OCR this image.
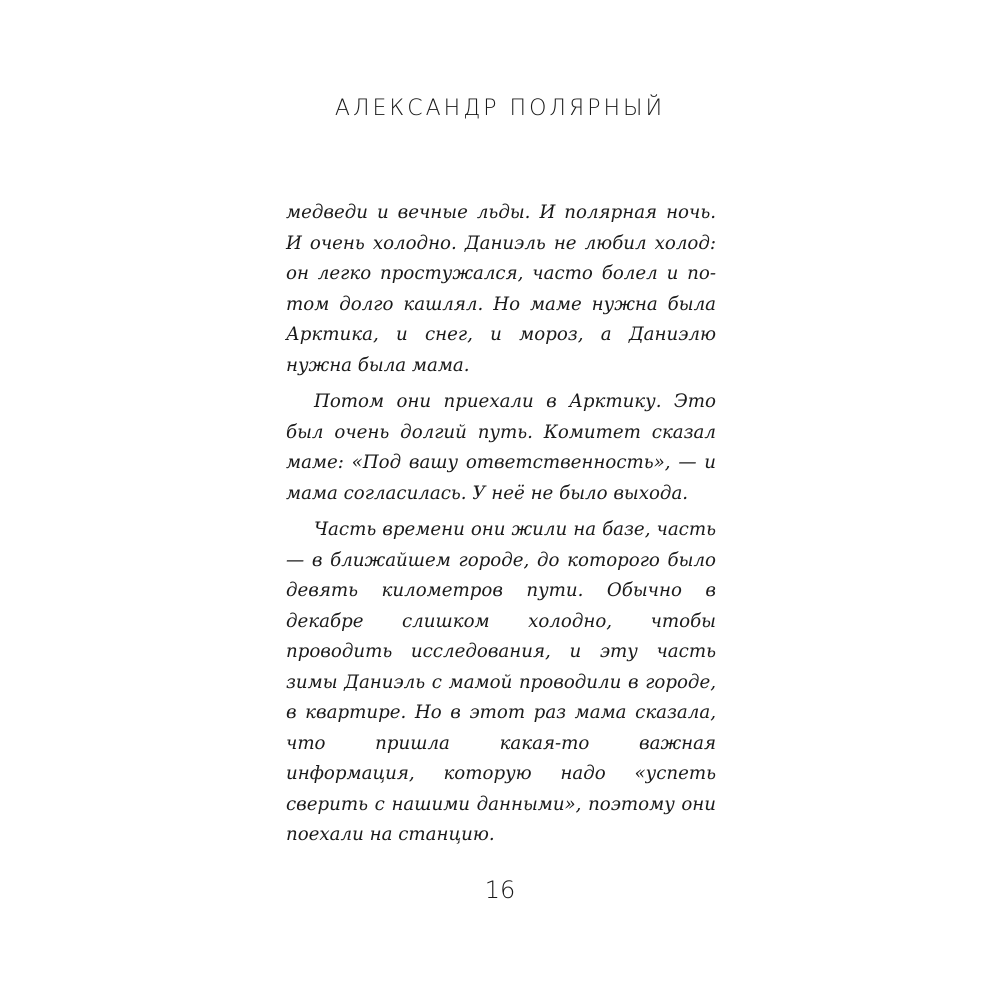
АЛЕКСАНДР ПОЛЯРНЫЙ

медведи и вечные льды. И полярная ночь. И очень холодно. Даниэль не любил холод: он легко простужался, часто болел и потом долго кашлял. Но маме нужна была Арктика, и снег, и мороз, а Даниэлю нужна была мама.

Потом они приехали в Арктику. Это был очень долгий путь. Комитет сказал маме: «Под вашу ответственность», — и мама согласилась. У неё не было выхода.

Часть времени они жили на базе, часть — в ближайшем городе, до которого было девять километров пути. Обычно в декабре слишком холодно, чтобы проводить исследования, и эту часть зимы Даниэль с мамой проводили в городе, в квартире. Но в этот раз мама сказала, что пришла какая-то важная информация, которую надо «успеть сверить с нашими данными», поэтому они поехали на станцию.

16
